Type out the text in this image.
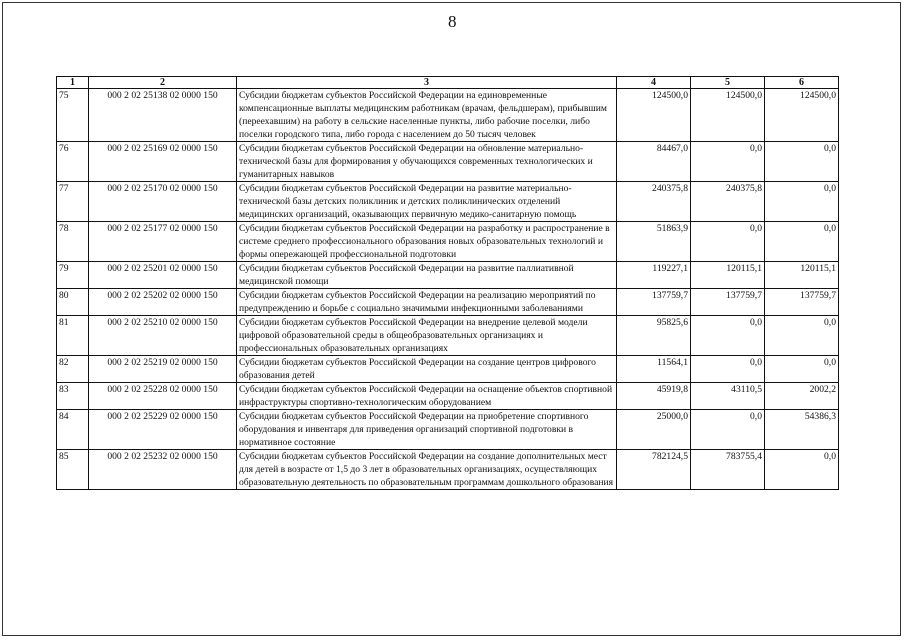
8
1	2	3	4	5	6
75	000 2 02 25138 02 0000 150	Субсидии бюджетам субъектов Российской Федерации на единовременные компенсационные выплаты медицинским работникам (врачам, фельдшерам), прибывшим (переехавшим) на работу в сельские населенные пункты, либо рабочие поселки, либо поселки городского типа, либо города с населением до 50 тысяч человек	124500,0	124500,0	124500,0
76	000 2 02 25169 02 0000 150	Субсидии бюджетам субъектов Российской Федерации на обновление материально-технической базы для формирования у обучающихся современных технологических и гуманитарных навыков	84467,0	0,0	0,0
77	000 2 02 25170 02 0000 150	Субсидии бюджетам субъектов Российской Федерации на развитие материально-технической базы детских поликлиник и детских поликлинических отделений медицинских организаций, оказывающих первичную медико-санитарную помощь	240375,8	240375,8	0,0
78	000 2 02 25177 02 0000 150	Субсидии бюджетам субъектов Российской Федерации на разработку и распространение в системе среднего профессионального образования новых образовательных технологий и формы опережающей профессиональной подготовки	51863,9	0,0	0,0
79	000 2 02 25201 02 0000 150	Субсидии бюджетам субъектов Российской Федерации на развитие паллиативной медицинской помощи	119227,1	120115,1	120115,1
80	000 2 02 25202 02 0000 150	Субсидии бюджетам субъектов Российской Федерации на реализацию мероприятий по предупреждению и борьбе с социально значимыми инфекционными заболеваниями	137759,7	137759,7	137759,7
81	000 2 02 25210 02 0000 150	Субсидии бюджетам субъектов Российской Федерации на внедрение целевой модели цифровой образовательной среды в общеобразовательных организациях и профессиональных образовательных организациях	95825,6	0,0	0,0
82	000 2 02 25219 02 0000 150	Субсидии бюджетам субъектов Российской Федерации на создание центров цифрового образования детей	11564,1	0,0	0,0
83	000 2 02 25228 02 0000 150	Субсидии бюджетам субъектов Российской Федерации на оснащение объектов спортивной инфраструктуры спортивно-технологическим оборудованием	45919,8	43110,5	2002,2
84	000 2 02 25229 02 0000 150	Субсидии бюджетам субъектов Российской Федерации на приобретение спортивного оборудования и инвентаря для приведения организаций спортивной подготовки в нормативное состояние	25000,0	0,0	54386,3
85	000 2 02 25232 02 0000 150	Субсидии бюджетам субъектов Российской Федерации на создание дополнительных мест для детей в возрасте от 1,5 до 3 лет в образовательных организациях, осуществляющих образовательную деятельность по образовательным программам дошкольного образования	782124,5	783755,4	0,0
